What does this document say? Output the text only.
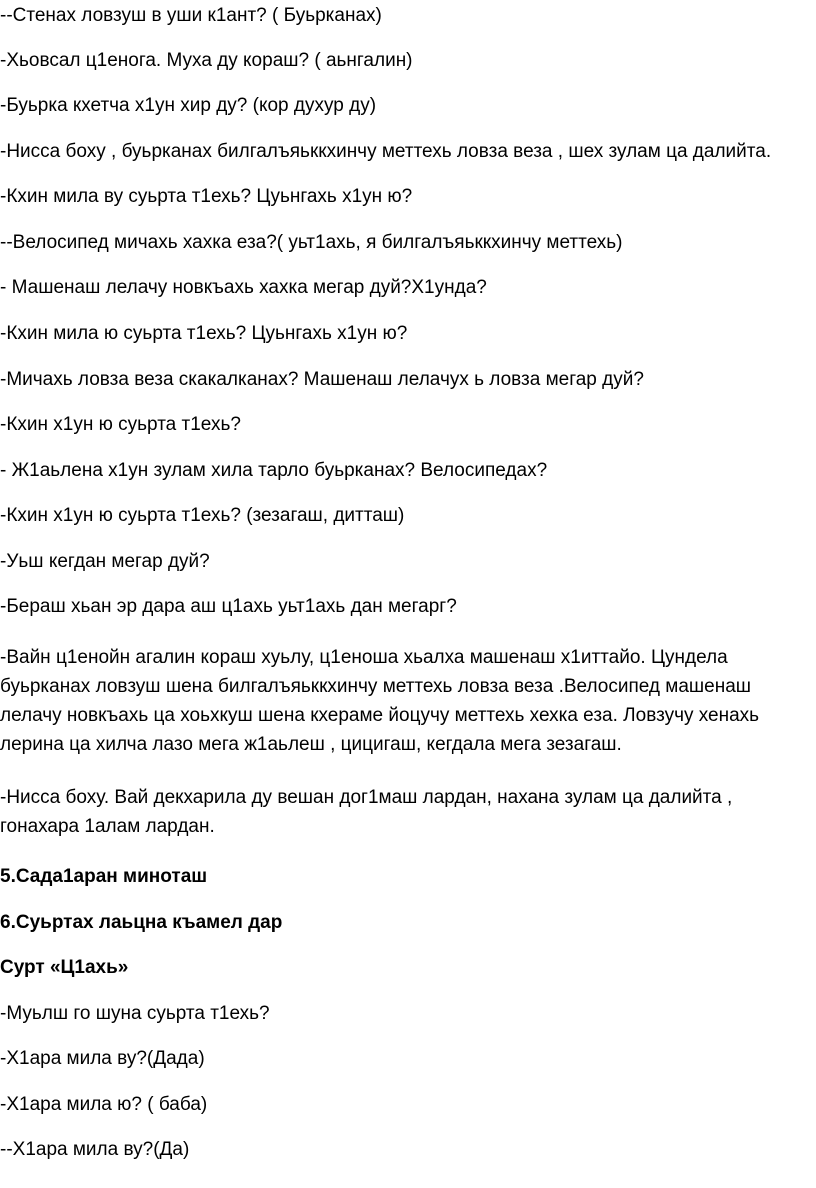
--Стенах ловзуш в уши к1ант? ( Буьрканах)
-Хьовсал ц1енога. Муха ду кораш? ( аьнгалин)
-Буьрка кхетча х1ун хир ду? (кор духур ду)
-Нисса боху , буьрканах билгалъяьккхинчу меттехь ловза веза , шех зулам ца далийта.
-Кхин мила ву суьрта т1ехь? Цуьнгахь х1ун ю?
--Велосипед мичахь хахка еза?( уьт1ахь, я билгалъяьккхинчу меттехь)
- Машенаш лелачу новкъахь хахка мегар дуй?Х1унда?
-Кхин мила ю суьрта т1ехь? Цуьнгахь х1ун ю?
-Мичахь ловза веза скакалканах? Машенаш лелачух ь ловза мегар дуй?
-Кхин х1ун ю суьрта т1ехь?
- Ж1аьлена х1ун зулам хила тарло буьрканах? Велосипедах?
-Кхин х1ун ю суьрта т1ехь? (зезагаш, дитташ)
-Уьш кегдан мегар дуй?
-Бераш хьан эр дара аш ц1ахь уьт1ахь дан мегарг?
-Вайн ц1енойн агалин кораш хуьлу, ц1еноша хьалха машенаш х1иттайо. Цундела
буьрканах ловзуш шена билгалъяьккхинчу меттехь ловза веза .Велосипед машенаш
лелачу новкъахь ца хоьхкуш шена кхераме йоцучу меттехь хехка еза. Ловзучу хенахь
лерина ца хилча лазо мега ж1аьлеш , цицигаш, кегдала мега зезагаш.
-Нисса боху. Вай декхарила ду вешан дог1маш лардан, нахана зулам ца далийта ,
гонахара 1алам лардан.
5.Сада1аран миноташ
6.Суьртах лаьцна къамел дар
Сурт «Ц1ахь»
-Муьлш го шуна суьрта т1ехь?
-Х1ара мила ву?(Дада)
-Х1ара мила ю? ( баба)
--Х1ара мила ву?(Да)
